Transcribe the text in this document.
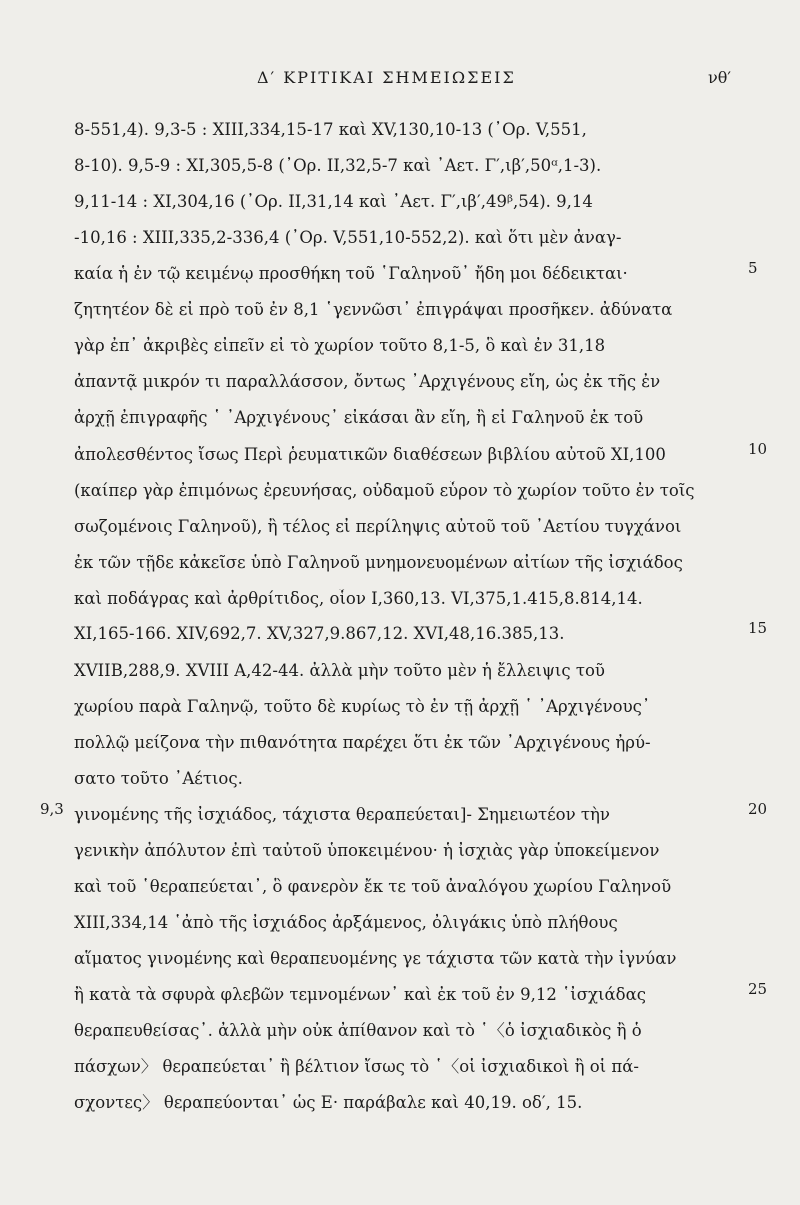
Δ′ ΚΡΙΤΙΚΑΙ ΣΗΜΕΙΩΣΕΙΣ	νθ′
8-551,4). 9,3-5 : XIII,334,15-17 καὶ XV,130,10-13 (᾽Ορ. V,551,
8-10). 9,5-9 : XI,305,5-8 (᾽Ορ. II,32,5-7 καὶ ᾽Αετ. Γ′,ιβ′,50ᵅ,1-3).
9,11-14 : XI,304,16 (᾽Ορ. II,31,14 καὶ ᾽Αετ. Γ′,ιβ′,49ᵝ,54). 9,14
-10,16 : XIII,335,2-336,4 (᾽Ορ. V,551,10-552,2). καὶ ὅτι μὲν ἀναγ-
καία ἡ ἐν τῷ κειμένῳ προσθήκη τοῦ ῾Γαληνοῦ᾽ ἤδη μοι δέδεικται·	5
ζητητέον δὲ εἰ πρὸ τοῦ ἐν 8,1 ῾γεννῶσι᾽ ἐπιγράψαι προσῆκεν. ἀδύνατα
γὰρ ἐπ᾽ ἀκριβὲς εἰπεῖν εἰ τὸ χωρίον τοῦτο 8,1-5, ὃ καὶ ἐν 31,18
ἀπαντᾷ μικρόν τι παραλλάσσον, ὄντως ᾽Αρχιγένους εἴη, ὡς ἐκ τῆς ἐν
ἀρχῇ ἐπιγραφῆς ῾ ᾽Αρχιγένους᾽ εἰκάσαι ἂν εἴη, ἢ εἰ Γαληνοῦ ἐκ τοῦ
ἀπολεσθέντος ἴσως Περὶ ῥευματικῶν διαθέσεων βιβλίου αὐτοῦ XI,100	10
(καίπερ γὰρ ἐπιμόνως ἐρευνήσας, οὐδαμοῦ εὗρον τὸ χωρίον τοῦτο ἐν τοῖς
σωζομένοις Γαληνοῦ), ἢ τέλος εἰ περίληψις αὐτοῦ τοῦ ᾽Αετίου τυγχάνοι
ἐκ τῶν τῇδε κἀκεῖσε ὑπὸ Γαληνοῦ μνημονευομένων αἰτίων τῆς ἰσχιάδος
καὶ ποδάγρας καὶ ἀρθρίτιδος, οἷον I,360,13. VI,375,1.415,8.814,14.
XI,165-166. XIV,692,7. XV,327,9.867,12. XVI,48,16.385,13.	15
XVIIB,288,9. XVIII A,42-44. ἀλλὰ μὴν τοῦτο μὲν ἡ ἔλλειψις τοῦ
χωρίου παρὰ Γαληνῷ, τοῦτο δὲ κυρίως τὸ ἐν τῇ ἀρχῇ ῾ ᾽Αρχιγένους᾽
πολλῷ μείζονα τὴν πιθανότητα παρέχει ὅτι ἐκ τῶν ᾽Αρχιγένους ἠρύ-
σατο τοῦτο ᾽Αέτιος.
γινομένης τῆς ἰσχιάδος, τάχιστα θεραπεύεται]- Σημειωτέον τὴν	20
9,3
γενικὴν ἀπόλυτον ἐπὶ ταὐτοῦ ὑποκειμένου· ἡ ἰσχιὰς γὰρ ὑποκείμενον
καὶ τοῦ ῾θεραπεύεται᾽, ὃ φανερὸν ἔκ τε τοῦ ἀναλόγου χωρίου Γαληνοῦ
XIII,334,14 ῾ἀπὸ τῆς ἰσχιάδος ἀρξάμενος, ὀλιγάκις ὑπὸ πλήθους
αἵματος γινομένης καὶ θεραπευομένης γε τάχιστα τῶν κατὰ τὴν ἰγνύαν
ἢ κατὰ τὰ σφυρὰ φλεβῶν τεμνομένων᾽ καὶ ἐκ τοῦ ἐν 9,12 ῾ἰσχιάδας	25
θεραπευθείσας᾽. ἀλλὰ μὴν οὐκ ἀπίθανον καὶ τὸ ῾〈ὁ ἰσχιαδικὸς ἢ ὁ
πάσχων〉 θεραπεύεται᾽ ἢ βέλτιον ἴσως τὸ ῾〈οἱ ἰσχιαδικοὶ ἢ οἱ πά-
σχοντες〉 θεραπεύονται᾽ ὡς E· παράβαλε καὶ 40,19. οδ′, 15.
